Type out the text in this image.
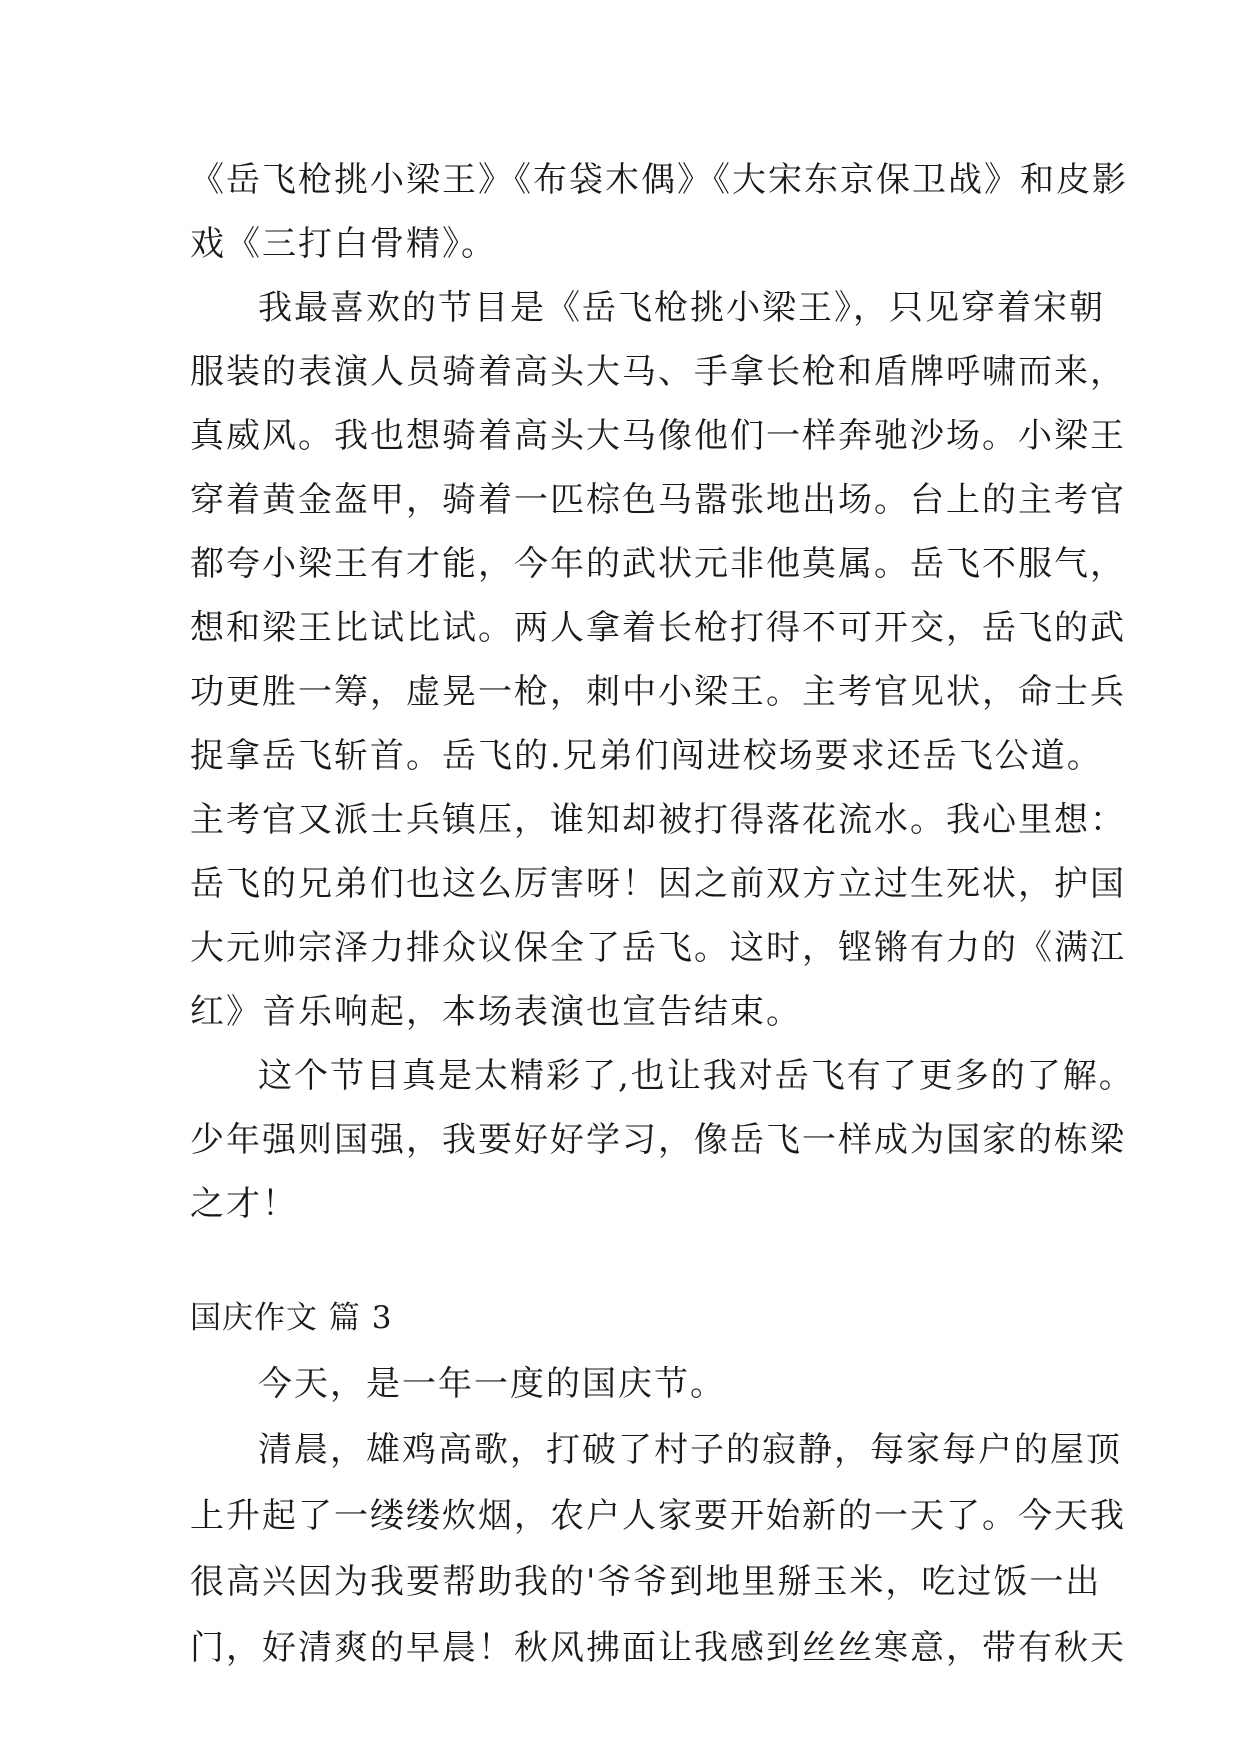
《岳飞枪挑小梁王》《布袋木偶》《大宋东京保卫战》和皮影
戏《三打白骨精》。
我最喜欢的节目是《岳飞枪挑小梁王》，只见穿着宋朝
服装的表演人员骑着高头大马、手拿长枪和盾牌呼啸而来，
真威风。我也想骑着高头大马像他们一样奔驰沙场。小梁王
穿着黄金盔甲，骑着一匹棕色马嚣张地出场。台上的主考官
都夸小梁王有才能，今年的武状元非他莫属。岳飞不服气，
想和梁王比试比试。两人拿着长枪打得不可开交，岳飞的武
功更胜一筹，虚晃一枪，刺中小梁王。主考官见状，命士兵
捉拿岳飞斩首。岳飞的.兄弟们闯进校场要求还岳飞公道。
主考官又派士兵镇压，谁知却被打得落花流水。我心里想：
岳飞的兄弟们也这么厉害呀！因之前双方立过生死状，护国
大元帅宗泽力排众议保全了岳飞。这时，铿锵有力的《满江
红》音乐响起，本场表演也宣告结束。
这个节目真是太精彩了,也让我对岳飞有了更多的了解。
少年强则国强，我要好好学习，像岳飞一样成为国家的栋梁
之才！
国庆作文 篇 3
今天，是一年一度的国庆节。
清晨，雄鸡高歌，打破了村子的寂静，每家每户的屋顶
上升起了一缕缕炊烟，农户人家要开始新的一天了。今天我
很高兴因为我要帮助我的'爷爷到地里掰玉米，吃过饭一出
门，好清爽的早晨！秋风拂面让我感到丝丝寒意，带有秋天
